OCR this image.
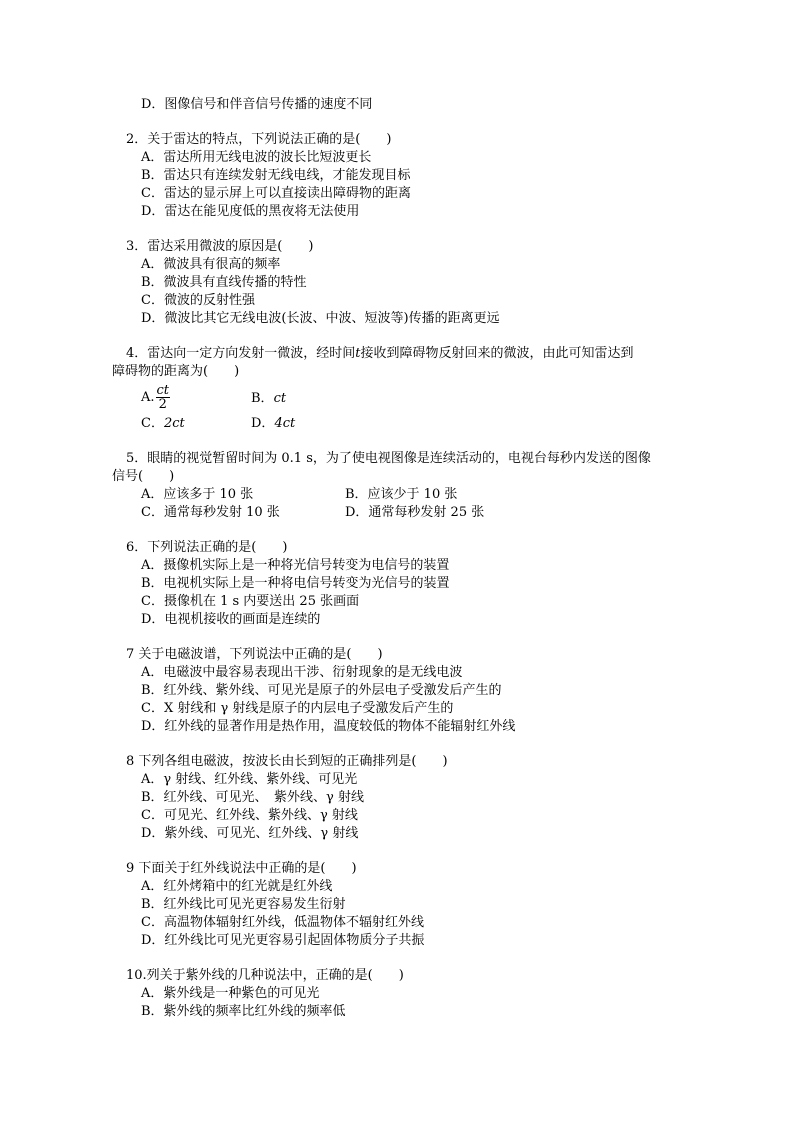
D．图像信号和伴音信号传播的速度不同
2．关于雷达的特点，下列说法正确的是(　　)
A．雷达所用无线电波的波长比短波更长
B．雷达只有连续发射无线电线，才能发现目标
C．雷达的显示屏上可以直接读出障碍物的距离
D．雷达在能见度低的黑夜将无法使用
3．雷达采用微波的原因是(　　)
A．微波具有很高的频率
B．微波具有直线传播的特性
C．微波的反射性强
D．微波比其它无线电波(长波、中波、短波等)传播的距离更远
4．雷达向一定方向发射一微波，经时间t接收到障碍物反射回来的微波，由此可知雷达到
障碍物的距离为(　　)
A. $\frac{ct}{2}$	B．ct
C．2ct	D．4ct
5．眼睛的视觉暂留时间为 0.1 s，为了使电视图像是连续活动的，电视台每秒内发送的图像
信号(　　)
A．应该多于 10 张	B．应该少于 10 张
C．通常每秒发射 10 张	D．通常每秒发射 25 张
6．下列说法正确的是(　　)
A．摄像机实际上是一种将光信号转变为电信号的装置
B．电视机实际上是一种将电信号转变为光信号的装置
C．摄像机在 1 s 内要送出 25 张画面
D．电视机接收的画面是连续的
7 关于电磁波谱，下列说法中正确的是(　　)
A．电磁波中最容易表现出干涉、衍射现象的是无线电波
B．红外线、紫外线、可见光是原子的外层电子受激发后产生的
C．X 射线和 γ 射线是原子的内层电子受激发后产生的
D．红外线的显著作用是热作用，温度较低的物体不能辐射红外线
8 下列各组电磁波，按波长由长到短的正确排列是(　　)
A．γ 射线、红外线、紫外线、可见光
B．红外线、可见光、　紫外线、γ 射线
C．可见光、红外线、紫外线、γ 射线
D．紫外线、可见光、红外线、γ 射线
9 下面关于红外线说法中正确的是(　　)
A．红外烤箱中的红光就是红外线
B．红外线比可见光更容易发生衍射
C．高温物体辐射红外线，低温物体不辐射红外线
D．红外线比可见光更容易引起固体物质分子共振
10.列关于紫外线的几种说法中，正确的是(　　)
A．紫外线是一种紫色的可见光
B．紫外线的频率比红外线的频率低
